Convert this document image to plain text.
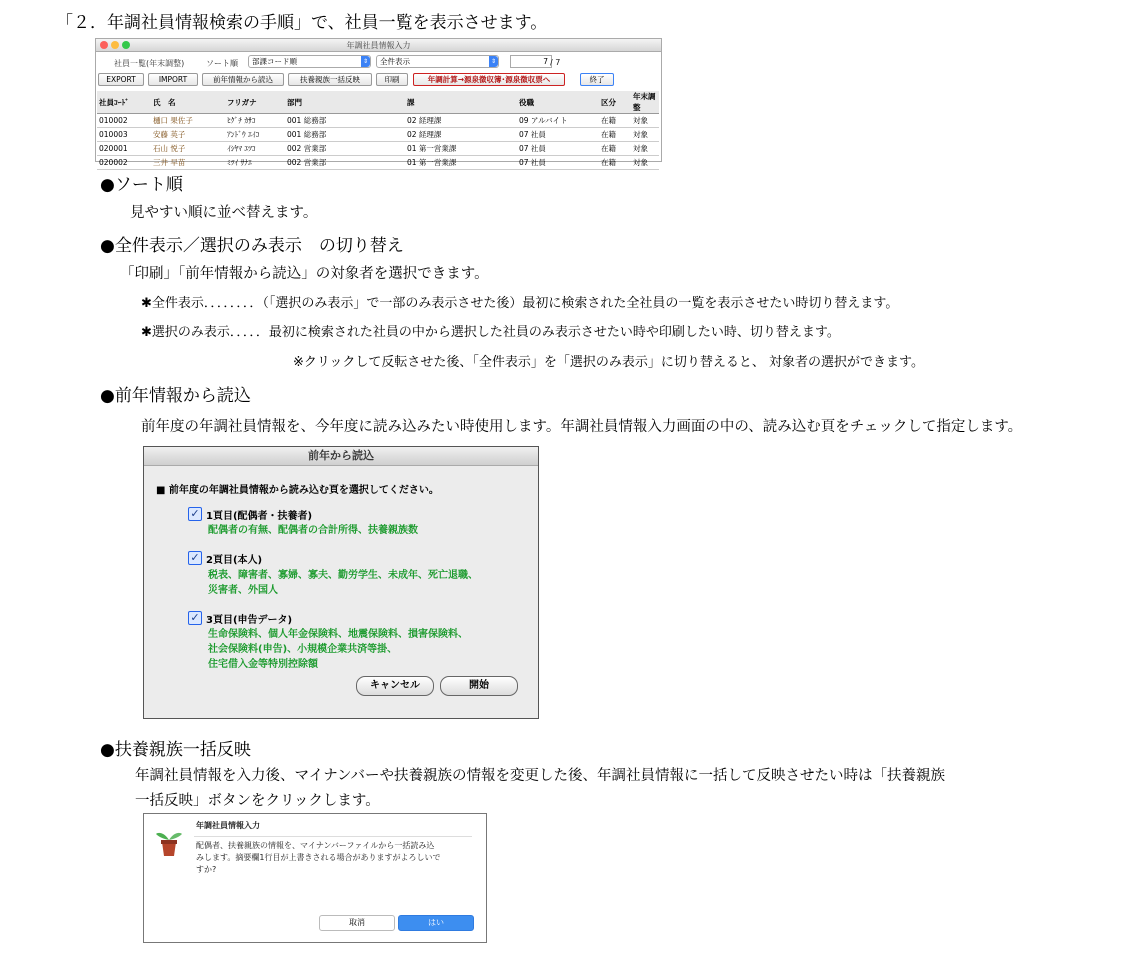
「２．年調社員情報検索の手順」で、社員一覧を表示させます。
年調社員情報入力
社員一覧(年末調整)	ソート順	部課コード順	⇕	全件表示	⇕	7 / 7
EXPORT	IMPORT	前年情報から読込	扶養親族一括反映	印刷	年調計算→源泉徴収簿･源泉徴収票へ	終了
社員ｺｰﾄﾞ	氏　名	フリガナ	部門	課	役職	区分	年末調整
010002	樋口 果佐子	ﾋｸﾞﾁ ｶｻｺ	001 総務部	02 経理課	09 アルバイト	在籍	対象
010003	安藤 英子	ｱﾝﾄﾞｳ ｴｲｺ	001 総務部	02 経理課	07 社員	在籍	対象
020001	石山 悦子	ｲｼﾔﾏ ｴﾂｺ	002 営業部	01 第一営業課	07 社員	在籍	対象
020002	三井 早苗	ﾐﾂｲ ｻﾅｴ	002 営業部	01 第一営業課	07 社員	在籍	対象
●ソート順
見やすい順に並べ替えます。
●全件表示／選択のみ表示　の切り替え
「印刷」「前年情報から読込」の対象者を選択できます。
✱全件表示．．．．．．．．（「選択のみ表示」で一部のみ表示させた後）最初に検索された全社員の一覧を表示させたい時切り替えます。
✱選択のみ表示．．．．．最初に検索された社員の中から選択した社員のみ表示させたい時や印刷したい時、切り替えます。
※クリックして反転させた後、「全件表示」を「選択のみ表示」に切り替えると、 対象者の選択ができます。
●前年情報から読込
前年度の年調社員情報を、今年度に読み込みたい時使用します。年調社員情報入力画面の中の、読み込む頁をチェックして指定します。
前年から読込
■ 前年度の年調社員情報から読み込む頁を選択してください。
✓ 1頁目(配偶者・扶養者)
配偶者の有無、配偶者の合計所得、扶養親族数
✓ 2頁目(本人)
税表、障害者、寡婦、寡夫、勤労学生、未成年、死亡退職、
災害者、外国人
✓ 3頁目(申告データ)
生命保険料、個人年金保険料、地震保険料、損害保険料、
社会保険料(申告)、小規模企業共済等掛、
住宅借入金等特別控除額
キャンセル	開始
●扶養親族一括反映
年調社員情報を入力後、マイナンバーや扶養親族の情報を変更した後、年調社員情報に一括して反映させたい時は「扶養親族
一括反映」ボタンをクリックします。
年調社員情報入力
配偶者、扶養親族の情報を、マイナンバーファイルから一括読み込
みします。摘要欄1行目が上書きされる場合がありますがよろしいで
すか?
取消	はい
